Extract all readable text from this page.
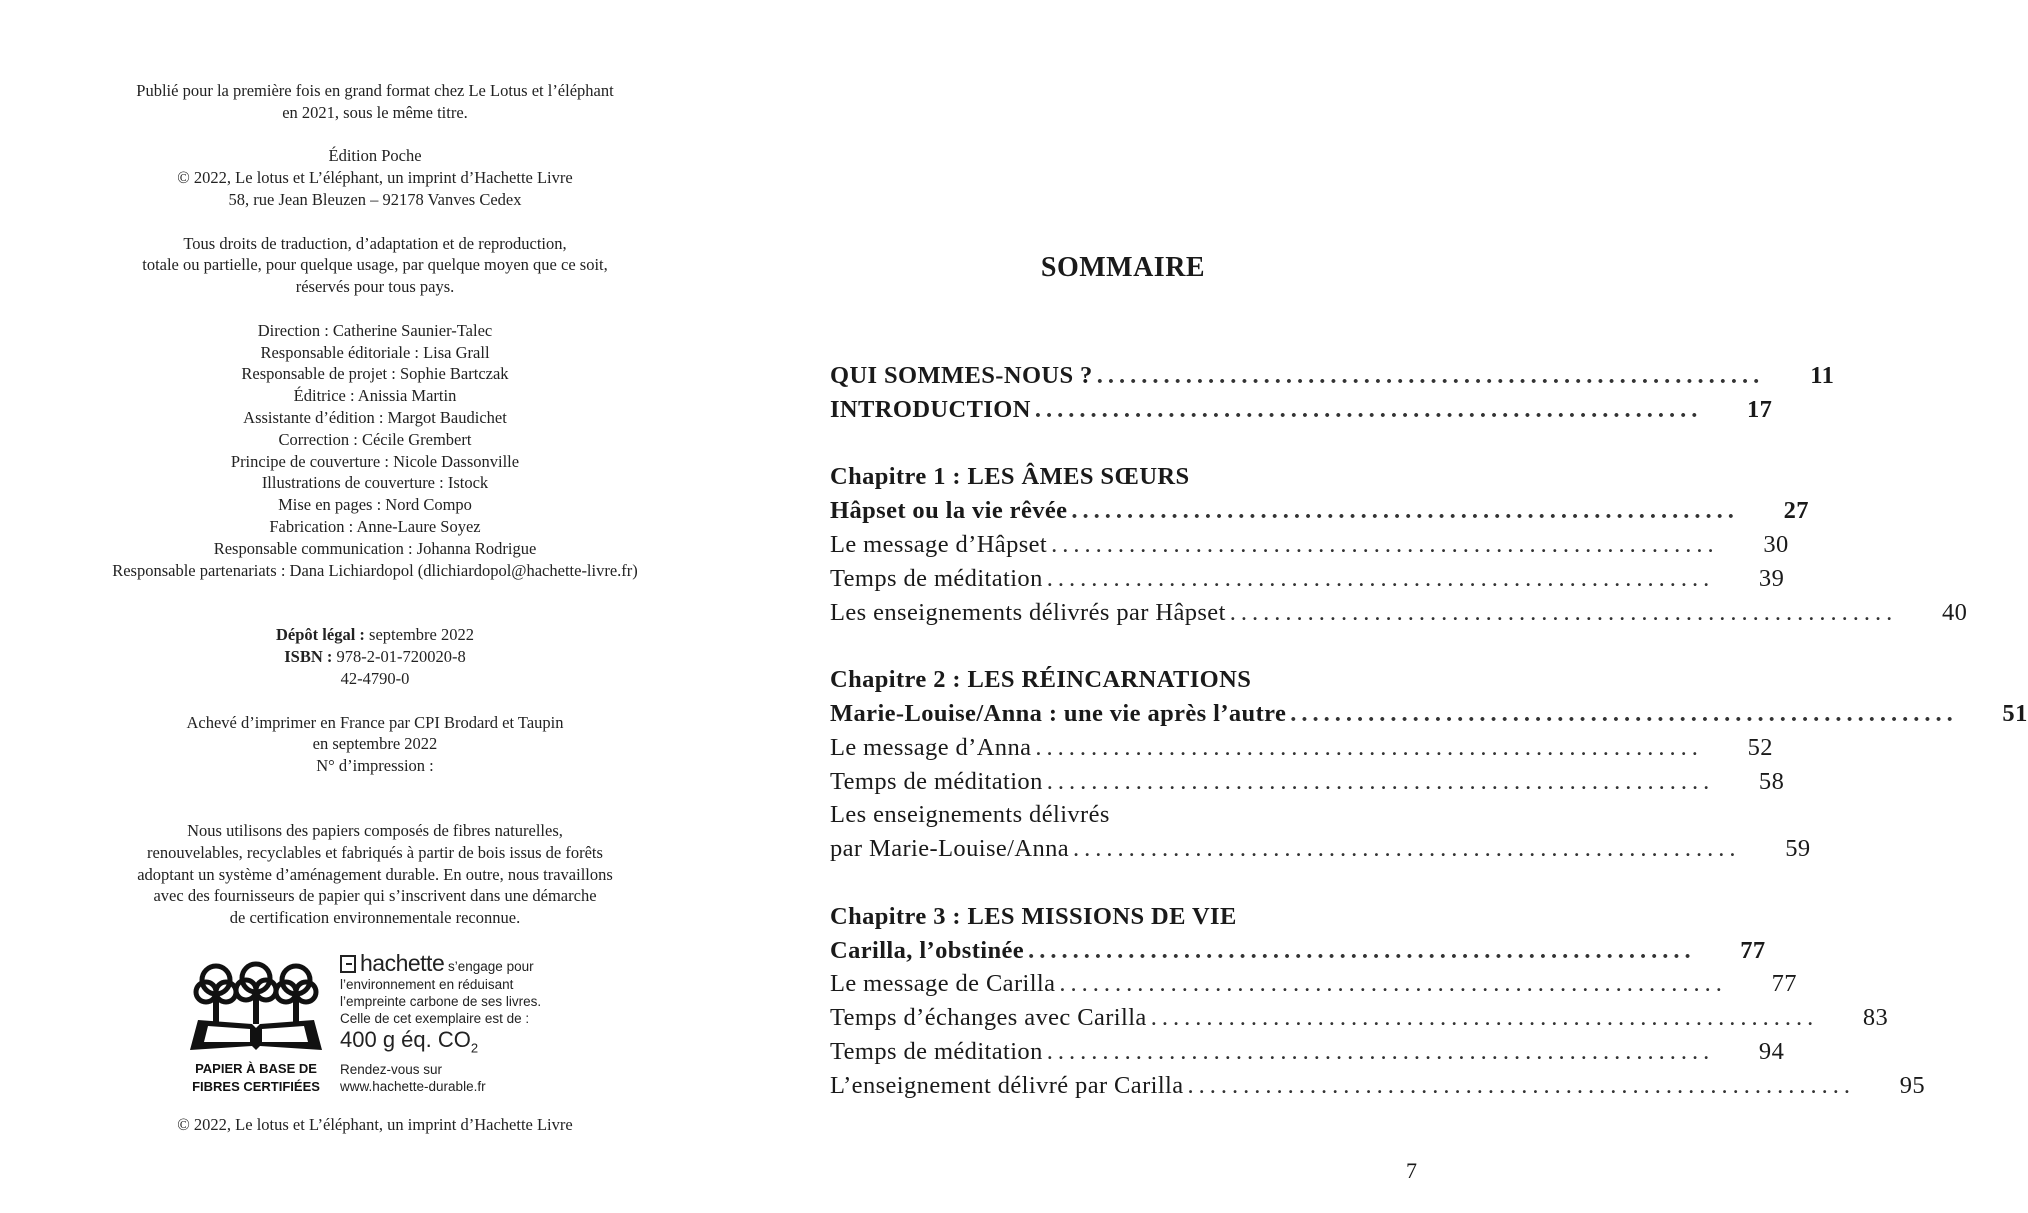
Publié pour la première fois en grand format chez Le Lotus et l’éléphant
en 2021, sous le même titre.
Édition Poche
© 2022, Le lotus et L’éléphant, un imprint d’Hachette Livre
58, rue Jean Bleuzen – 92178 Vanves Cedex
Tous droits de traduction, d’adaptation et de reproduction,
totale ou partielle, pour quelque usage, par quelque moyen que ce soit,
réservés pour tous pays.
Direction : Catherine Saunier-Talec
Responsable éditoriale : Lisa Grall
Responsable de projet : Sophie Bartczak
Éditrice : Anissia Martin
Assistante d’édition : Margot Baudichet
Correction : Cécile Grembert
Principe de couverture : Nicole Dassonville
Illustrations de couverture : Istock
Mise en pages : Nord Compo
Fabrication : Anne-Laure Soyez
Responsable communication : Johanna Rodrigue
Responsable partenariats : Dana Lichiardopol (dlichiardopol@hachette-livre.fr)
Dépôt légal : septembre 2022
ISBN : 978-2-01-720020-8
42-4790-0
Achevé d’imprimer en France par CPI Brodard et Taupin
en septembre 2022
N° d’impression :
Nous utilisons des papiers composés de fibres naturelles,
renouvelables, recyclables et fabriqués à partir de bois issus de forêts
adoptant un système d’aménagement durable. En outre, nous travaillons
avec des fournisseurs de papier qui s’inscrivent dans une démarche
de certification environnementale reconnue.
PAPIER À BASE DE
FIBRES CERTIFIÉES
hachette s’engage pour
l’environnement en réduisant
l’empreinte carbone de ses livres.
Celle de cet exemplaire est de :
400 g éq. $CO_2$
Rendez-vous sur
www.hachette-durable.fr
© 2022, Le lotus et L’éléphant, un imprint d’Hachette Livre
SOMMAIRE
QUI SOMMES-NOUS ? ............................................................	11
INTRODUCTION ............................................................	17
Chapitre 1 : LES ÂMES SŒURS
Hâpset ou la vie rêvée ............................................................	27
Le message d’Hâpset ............................................................	30
Temps de méditation ............................................................	39
Les enseignements délivrés par Hâpset ............................................................	40
Chapitre 2 : LES RÉINCARNATIONS
Marie-Louise/Anna : une vie après l’autre ............................................................	51
Le message d’Anna ............................................................	52
Temps de méditation ............................................................	58
Les enseignements délivrés
par Marie-Louise/Anna ............................................................	59
Chapitre 3 : LES MISSIONS DE VIE
Carilla, l’obstinée ............................................................	77
Le message de Carilla ............................................................	77
Temps d’échanges avec Carilla ............................................................	83
Temps de méditation ............................................................	94
L’enseignement délivré par Carilla ............................................................	95
7
